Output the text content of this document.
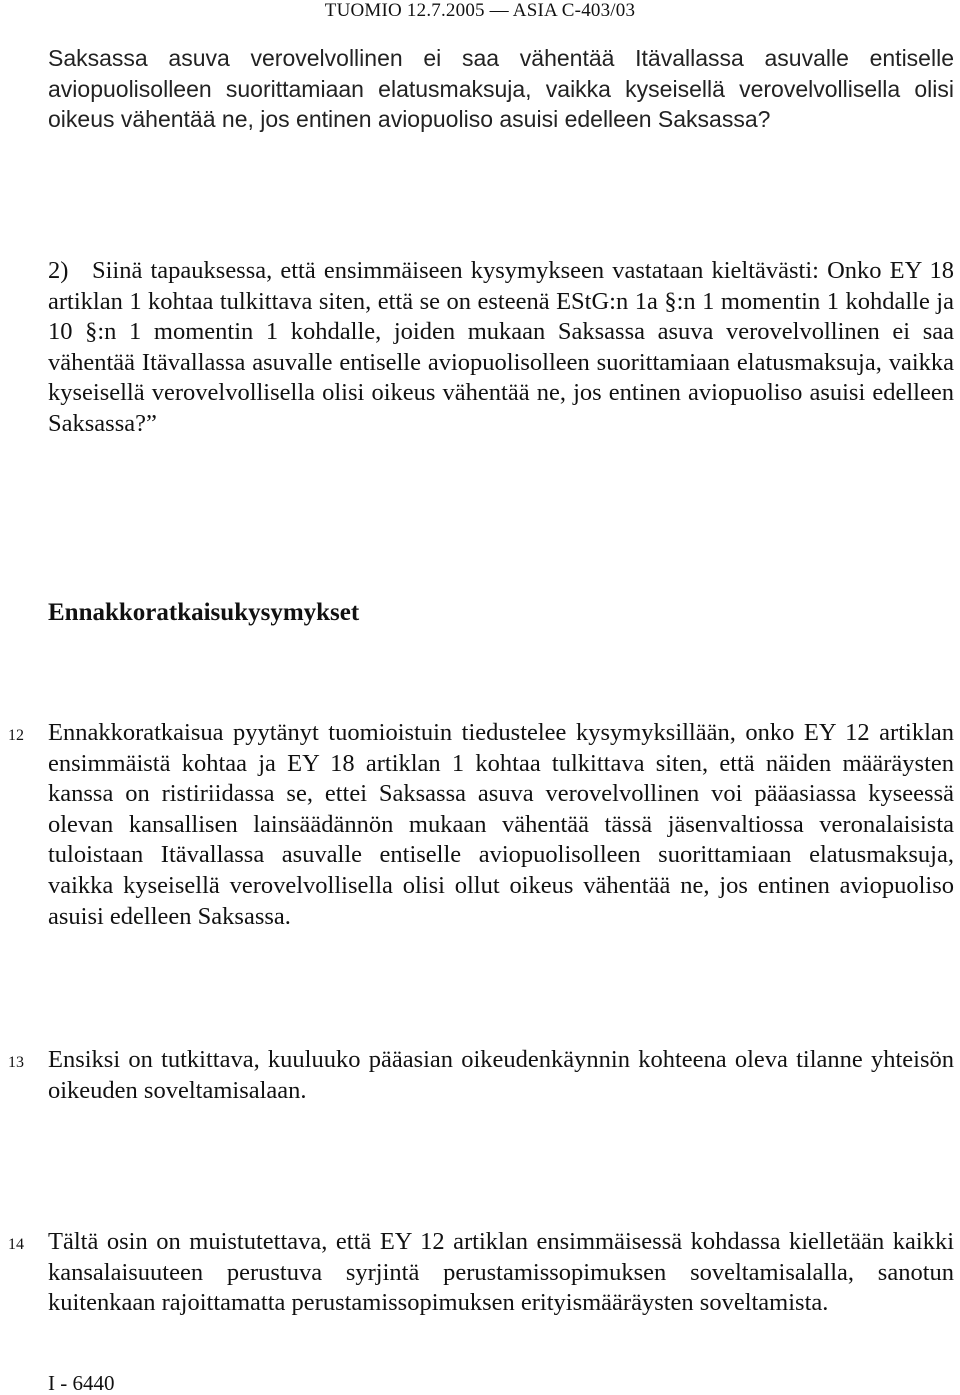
TUOMIO 12.7.2005 — ASIA C-403/03
Saksassa asuva verovelvollinen ei saa vähentää Itävallassa asuvalle entiselle aviopuolisolleen suorittamiaan elatusmaksuja, vaikka kyseisellä verovelvollisella olisi oikeus vähentää ne, jos entinen aviopuoliso asuisi edelleen Saksassa?
2) Siinä tapauksessa, että ensimmäiseen kysymykseen vastataan kieltävästi: Onko EY 18 artiklan 1 kohtaa tulkittava siten, että se on esteenä EStG:n 1a §:n 1 momentin 1 kohdalle ja 10 §:n 1 momentin 1 kohdalle, joiden mukaan Saksassa asuva verovelvollinen ei saa vähentää Itävallassa asuvalle entiselle aviopuolisolleen suorittamiaan elatusmaksuja, vaikka kyseisellä verovelvollisella olisi oikeus vähentää ne, jos entinen aviopuoliso asuisi edelleen Saksassa?”
Ennakkoratkaisukysymykset
12 Ennakkoratkaisua pyytänyt tuomioistuin tiedustelee kysymyksillään, onko EY 12 artiklan ensimmäistä kohtaa ja EY 18 artiklan 1 kohtaa tulkittava siten, että näiden määräysten kanssa on ristiriidassa se, ettei Saksassa asuva verovelvollinen voi pääasiassa kyseessä olevan kansallisen lainsäädännön mukaan vähentää tässä jäsenvaltiossa veronalaisista tuloistaan Itävallassa asuvalle entiselle aviopuolisolleen suorittamiaan elatusmaksuja, vaikka kyseisellä verovelvollisella olisi ollut oikeus vähentää ne, jos entinen aviopuoliso asuisi edelleen Saksassa.
13 Ensiksi on tutkittava, kuuluuko pääasian oikeudenkäynnin kohteena oleva tilanne yhteisön oikeuden soveltamisalaan.
14 Tältä osin on muistutettava, että EY 12 artiklan ensimmäisessä kohdassa kielletään kaikki kansalaisuuteen perustuva syrjintä perustamissopimuksen soveltamisalalla, sanotun kuitenkaan rajoittamatta perustamissopimuksen erityismääräysten soveltamista.
I - 6440
